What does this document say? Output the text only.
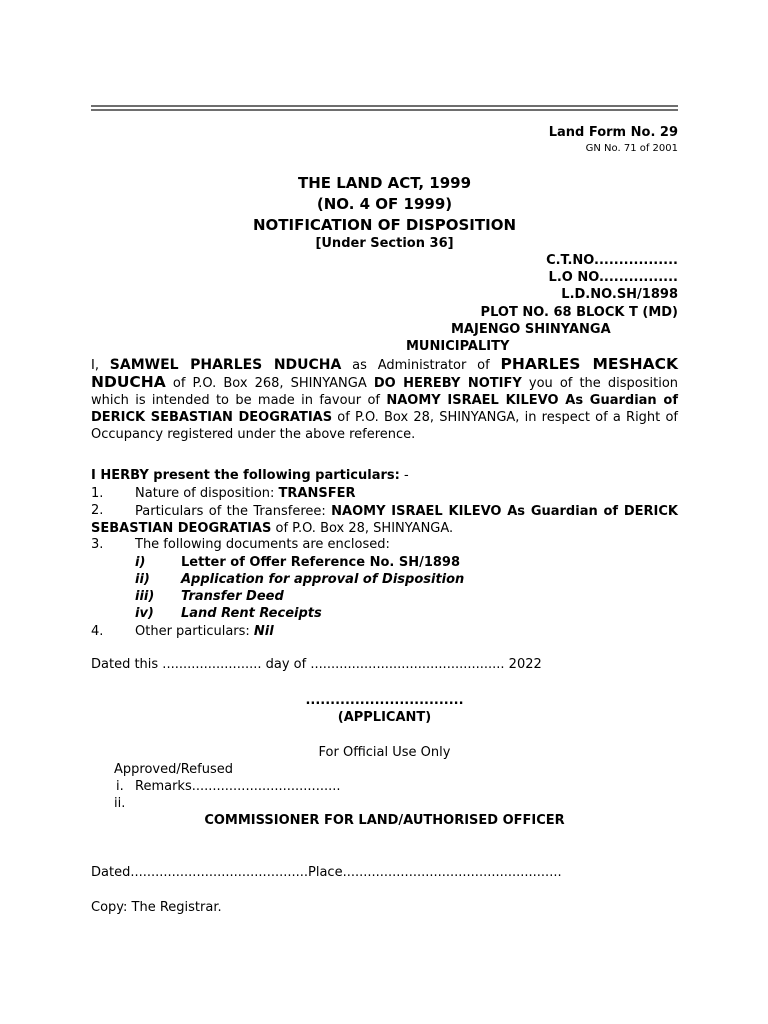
Land Form No. 29
GN No. 71 of 2001
THE LAND ACT, 1999
(NO. 4 OF 1999)
NOTIFICATION OF DISPOSITION
[Under Section 36]
C.T.NO.................
L.O NO................
L.D.NO.SH/1898
PLOT NO. 68 BLOCK T (MD)
MAJENGO SHINYANGA
MUNICIPALITY
I, SAMWEL PHARLES NDUCHA as Administrator of PHARLES MESHACK NDUCHA of P.O. Box 268, SHINYANGA DO HEREBY NOTIFY you of the disposition which is intended to be made in favour of NAOMY ISRAEL KILEVO As Guardian of DERICK SEBASTIAN DEOGRATIAS of P.O. Box 28, SHINYANGA, in respect of a Right of Occupancy registered under the above reference.
I HERBY present the following particulars: -
1. Nature of disposition: TRANSFER
2.	Particulars of the Transferee: NAOMY ISRAEL KILEVO As Guardian of DERICK SEBASTIAN DEOGRATIAS of P.O. Box 28, SHINYANGA.
3. The following documents are enclosed:
i)	Letter of Offer Reference No. SH/1898
ii) Application for approval of Disposition
iii) Transfer Deed
iv) Land Rent Receipts
4. Other particulars: Nil
Dated this ........................ day of ............................................... 2022
................................
(APPLICANT)
For Official Use Only
Approved/Refused
i. Remarks....................................
ii.
COMMISSIONER FOR LAND/AUTHORISED OFFICER
Dated...........................................Place.....................................................
Copy: The Registrar.
